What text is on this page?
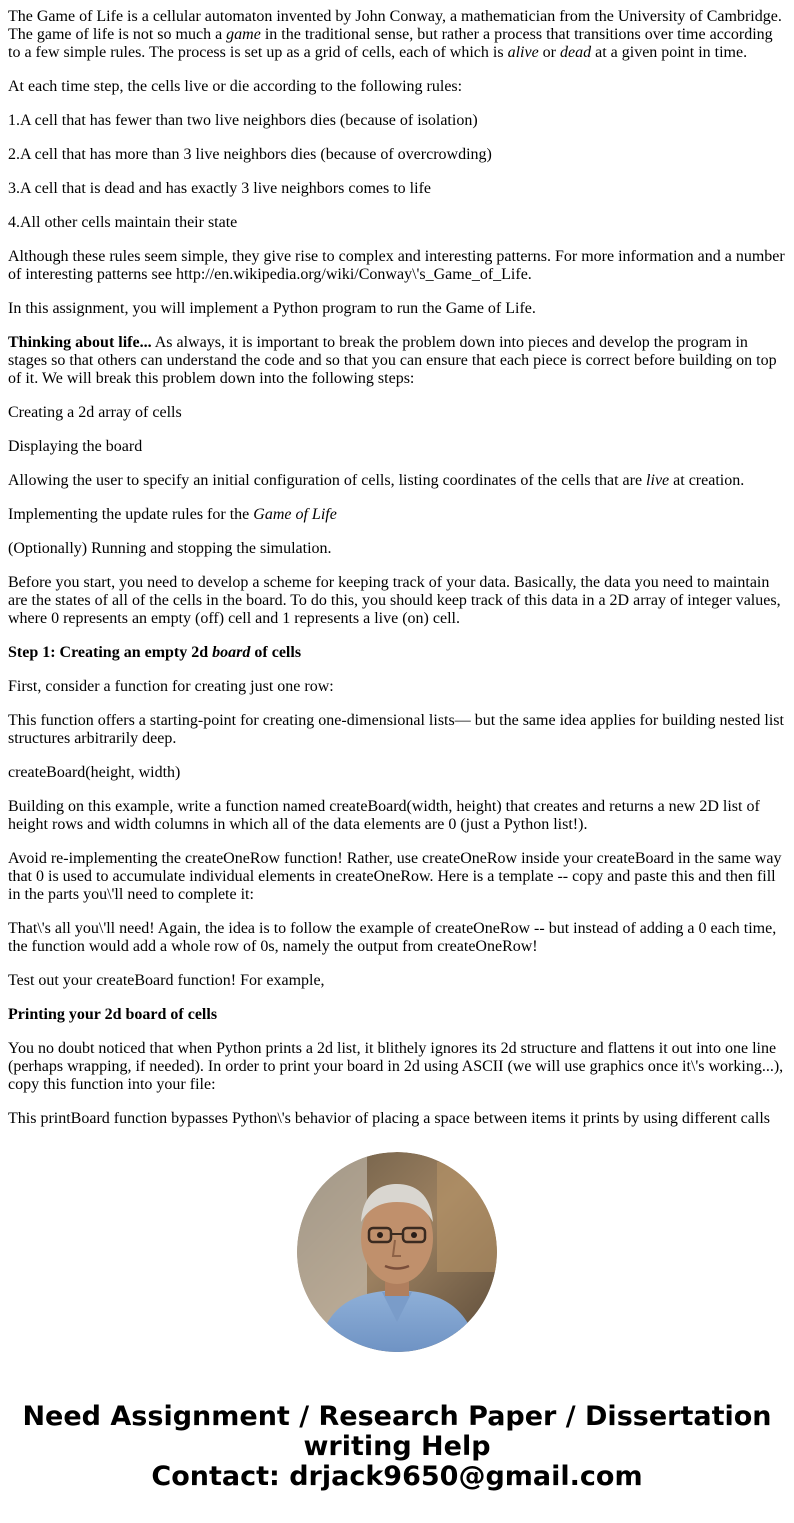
The Game of Life is a cellular automaton invented by John Conway, a mathematician from the University of Cambridge. The game of life is not so much a game in the traditional sense, but rather a process that transitions over time according to a few simple rules. The process is set up as a grid of cells, each of which is alive or dead at a given point in time.

At each time step, the cells live or die according to the following rules:

1.A cell that has fewer than two live neighbors dies (because of isolation)

2.A cell that has more than 3 live neighbors dies (because of overcrowding)

3.A cell that is dead and has exactly 3 live neighbors comes to life

4.All other cells maintain their state

Although these rules seem simple, they give rise to complex and interesting patterns. For more information and a number of interesting patterns see http://en.wikipedia.org/wiki/Conway\'s_Game_of_Life.

In this assignment, you will implement a Python program to run the Game of Life.

Thinking about life... As always, it is important to break the problem down into pieces and develop the program in stages so that others can understand the code and so that you can ensure that each piece is correct before building on top of it. We will break this problem down into the following steps:

Creating a 2d array of cells

Displaying the board

Allowing the user to specify an initial configuration of cells, listing coordinates of the cells that are live at creation.

Implementing the update rules for the Game of Life

(Optionally) Running and stopping the simulation.

Before you start, you need to develop a scheme for keeping track of your data. Basically, the data you need to maintain are the states of all of the cells in the board. To do this, you should keep track of this data in a 2D array of integer values, where 0 represents an empty (off) cell and 1 represents a live (on) cell.

Step 1: Creating an empty 2d board of cells

First, consider a function for creating just one row:

This function offers a starting-point for creating one-dimensional lists— but the same idea applies for building nested list structures arbitrarily deep.

createBoard(height, width)

Building on this example, write a function named createBoard(width, height) that creates and returns a new 2D list of height rows and width columns in which all of the data elements are 0 (just a Python list!).

Avoid re-implementing the createOneRow function! Rather, use createOneRow inside your createBoard in the same way that 0 is used to accumulate individual elements in createOneRow. Here is a template -- copy and paste this and then fill in the parts you\'ll need to complete it:

That\'s all you\'ll need! Again, the idea is to follow the example of createOneRow -- but instead of adding a 0 each time, the function would add a whole row of 0s, namely the output from createOneRow!

Test out your createBoard function! For example,

Printing your 2d board of cells

You no doubt noticed that when Python prints a 2d list, it blithely ignores its 2d structure and flattens it out into one line (perhaps wrapping, if needed). In order to print your board in 2d using ASCII (we will use graphics once it\'s working...), copy this function into your file:

This printBoard function bypasses Python\'s behavior of placing a space between items it prints by using different calls

Need Assignment / Research Paper / Dissertation writing Help
Contact: drjack9650@gmail.com
